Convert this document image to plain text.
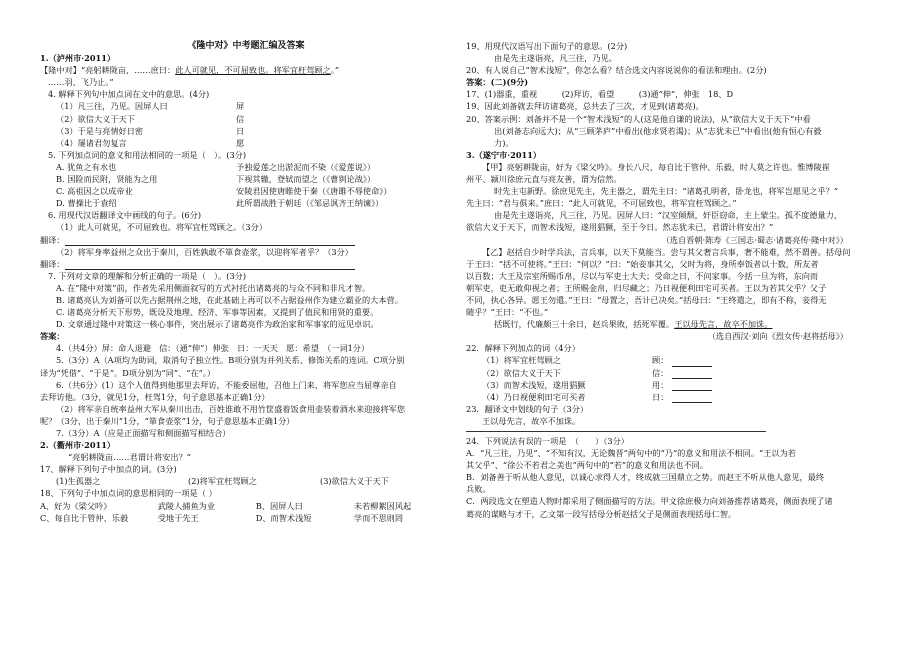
《隆中对》中考题汇编及答案
1.（泸州市·2011）
【隆中对】“亮躬耕陇亩，……庶曰：此人可就见，不可屈致也。将军宜枉驾顾之。”
……羽、飞乃止。”
4. 解释下列句中加点词在文中的意思。(4分)
（1）凡三往，乃见。因屏人曰	屏
（2）欲信大义于天下	信
（3）于是与亮情好日密	日
（4）屡诸君勿复言	愿
5. 下列加点词的意义和用法相同的一项是（　）。(3分)
A. 犹鱼之有水也	予独爱莲之出淤泥而不染（《爱莲说》）
B. 国险而民附，贤能为之用	下视其辙，登轼而望之（《曹刿论战》）
C. 高祖因之以成帝业	安陵君因使唐睢使于秦（《唐雎不辱使命》）
D. 曹操比于袁绍	此所谓战胜于朝廷（《邹忌讽齐王纳谏》）
6. 用现代汉语翻译文中画线的句子。(6分)
（1）此人可就见，不可屈致也。将军宜枉驾顾之。（3分）
翻译：
（2）将军身率益州之众出于秦川，百姓孰敢不箪食壶浆，以迎将军者乎？（3分）
翻译：
7. 下列对文章的理解和分析正确的一项是（　）。(3分)
A. 在“隆中对策”前，作者先采用侧面叙写的方式衬托出诸葛亮的与众不同和非凡才智。
B. 诸葛亮认为刘备可以先占据荆州之地，在此基础上再可以不占据益州作为建立霸业的大本营。
C. 诸葛亮分析天下形势，既设及地理、经济、军事等因素，又提到了值民和用贤的重要。
D. 文章通过隆中对策这一核心事件，突出展示了诸葛亮作为政治家和军事家的远见卓识。
答案：
4.（共4分）屏：命人退避　信：（通“伸”）伸张　日：一天天　愿：希望　（一词1分）
5.（3分）A（A项均为助词，取消句子独立性。B项分别为并列关系、修饰关系的连词。C项分别
译为“凭借”、“于是”。D项分别为“同”、“在”。）
6.（共6分）(1）这个人值得到他那里去拜访，不能委屈他，召他上门来，将军您应当屈尊亲自
去拜访他。（3分，就见1分，枉驾1分，句子意思基本正确1分）
（2）将军亲自统率益州大军从秦川出击，百姓谁敢不用竹筐盛着饭食用壶装着酒水来迎接将军您
呢？（3分，出于秦川”1分，“箪食壶浆”1分，句子意思基本正确1分）
7.（3分）A（应是正面描写和侧面描写相结合）
2.（衢州市·2011）
“亮躬耕陇亩……君谓计将安出？”
17、解释下列句子中加点的词。(3分)
(1)生孤器之	(2)将军宜枉驾顾之	(3)欲信大义于天下
18、下列句子中加点词的意思相同的一项是（ ）
A、好为《梁父吟》	武陵人捕鱼为业	B、因屏人曰	未若柳絮因风起
C、每自比于管仲、乐毅	受地于先王	D、而智术浅短	学而不思则罔
19、用现代汉语写出下面句子的意思。(2分)
由是先主遂诣亮，凡三往，乃见。
20、有人说自己“智术浅短”，你怎么看？结合选文内容说说你的看法和理由。(2分)
答案：(二)(9分)
17、(1)器重，重视　　　(2)拜访、看望　　　(3)通“伸”，伸张　18、D
19、因此刘备就去拜访诸葛亮，总共去了三次，才见到(诸葛亮)。
20、答案示例：刘备并不是一个“智术浅短”的人(这是他自谦的说法)，从“欲信大义于天下”中看
出(刘备志向远大)；从“三顾茅庐”中看出(他求贤若渴)；从“志犹未已”中看出(他有恒心有毅
力)。
3.（遂宁市·2011）
【甲】亮躬耕陇亩，好为《梁父吟》。身长八尺，每自比于管仲、乐毅，时人莫之许也。惟博陵崔
州平、颍川徐庶元直与亮友善，谓为信然。
时先主屯新野。徐庶见先主，先主器之，谓先主曰：“诸葛孔明者，卧龙也，将军岂愿见之乎？”
先主曰：“君与俱来。”庶曰：“此人可就见，不可屈致也，将军宜枉驾顾之。”
由是先主遂诣亮，凡三往，乃见。因屏人曰：“汉室倾颓，奸臣窃命，主上蒙尘。孤不度德量力，
欲信大义于天下，而智术浅短，遂用猖獗，至于今日。然志犹未已，君谓计将安出？”
（选自晋朝·陈寿《三国志·蜀志·诸葛亮传·隆中对》）
【乙】赵括自少时学兵法，言兵事，以天下莫能当。尝与其父奢言兵事，奢不能难，然不谓善。括母问
于王曰：“括不可使将。”王曰：“何以？”曰：“始妾事其父，父时为将，身所奉饭者以十数，所友者
以百数；大王及宗室所赐币帛，尽以与军吏士大夫；受命之日，不问家事。今括一旦为将，东向而
朝军吏，吏无敢仰视之者；王所赐金帛，归尽藏之；乃日视便利田宅可买者。王以为若其父乎？父子
不同，执心各异。愿王勿遣。”王曰：“母置之，吾计已决矣。”括母曰：“王终遣之，即有不称，妾得无
随乎？”王曰：“不也。”
括既行，代廉颇三十余日，赵兵果败，括死军覆。王以母先言，故卒不加诛。
（选自西汉·刘向《烈女传·赵将括母》）
22．解释下列加点的词（4分）
（1）将军宜枉驾顾之	顾：
（2）欲信大义于天下	信：
（3）而智术浅短，遂用猖獗	用：
（4）乃日视便利田宅可买者	日：
23．翻译文中划线的句子（3分）
王以母先言，故卒不加诛。
24．下列说法有误的一项是　（　　）（3分）
A．“凡三往，乃见”、“不知有汉，无论魏晋”两句中的“乃”的意义和用法不相同。“王以为若
其父乎”、“徐公不若君之美也”两句中的“若”的意义和用法也不同。
B．刘备善于听从他人意见，以诚心求得人才，终成就三国鼎立之势。而赵王不听从他人意见，最终
兵败。
C．两段选文在塑造人物时都采用了侧面描写的方法。甲文徐庶极力向刘备推荐诸葛亮，侧面表现了诸
葛亮的谋略与才干，乙文第一段写括母分析赵括父子是侧面表现括母仁智。
